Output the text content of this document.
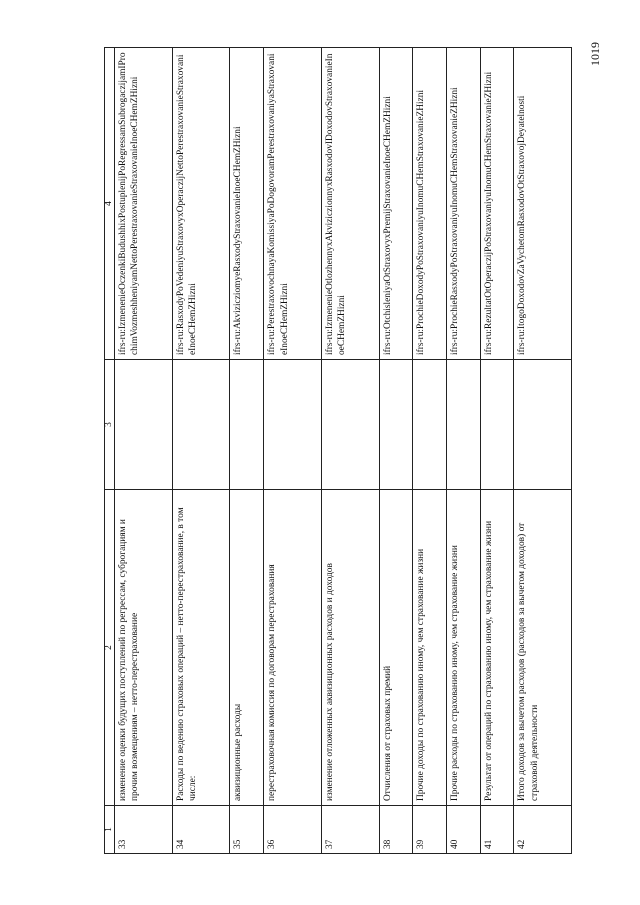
1	2	3	4
33	изменение оценки будущих поступлений по регрессам, суброгациям и прочим возмещениям – нетто-перестрахование		ifrs-ru:IzmenenieOczenkiBudushhixPostuplenijPoRegressamSubrogaczijamIProchimVozmeshheniyamNettoPerestraxovanieStraxovanieInoeCHemZHizni
34	Расходы по ведению страховых операций – нетто-перестрахование, в том числе:		ifrs-ru:RasxodyPoVedeniyuStraxovyxOperaczijNettoPerestraxovanieStraxovanieInoeCHemZHizni
35	аквизиционные расходы		ifrs-ru:AkvizicziomyeRasxodyStraxovanieInoeCHemZHizni
36	перестраховочная комиссия по договорам перестрахования		ifrs-ru:PerestraxovochnayaKomissiyaPoDogovoramPerestraxovaniyaStraxovanieInoeCHemZHizni
37	изменение отложенных аквизиционных расходов и доходов		ifrs-ru:IzmenenieOtlozhennyxAkviziczionnyxRasxodovIDoxodovStraxovanieInoeCHemZHizni
38	Отчисления от страховых премий		ifrs-ru:OtchisleniyaOtStraxovyxPremijStraxovanieInoeCHemZHizni
39	Прочие доходы по страхованию иному, чем страхование жизни		ifrs-ru:ProchieDoxodyPoStraxovaniyuInomuCHemStraxovanieZHizni
40	Прочие расходы по страхованию иному, чем страхование жизни		ifrs-ru:ProchieRasxodyPoStraxovaniyuInomuCHemStraxovanieZHizni
41	Результат от операций по страхованию иному, чем страхование жизни		ifrs-ru:RezultatOtOperaczijPoStraxovaniyuInomuCHemStraxovanieZHizni
42	Итого доходов за вычетом расходов (расходов за вычетом доходов) от страховой деятельности		ifrs-ru:ItogoDoxodovZaVychetomRasxodovOtStraxovojDeyatelnosti
1019
